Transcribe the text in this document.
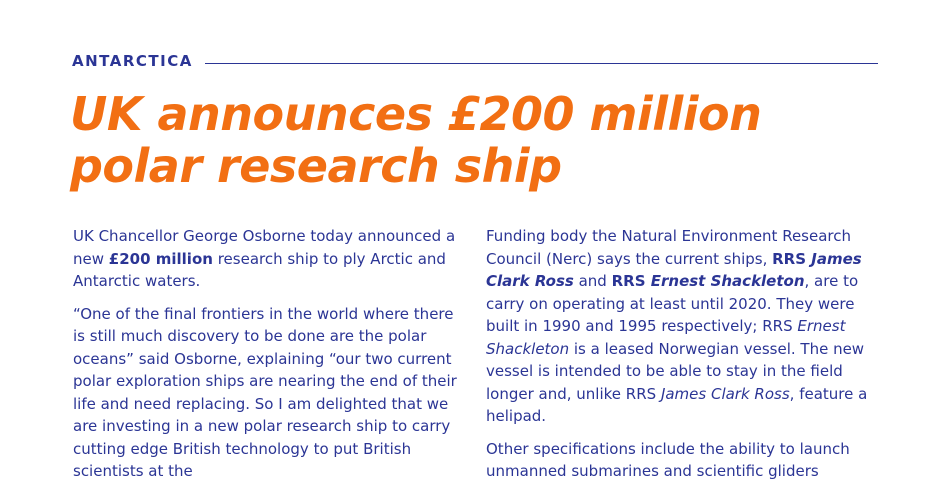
ANTARCTICA
UK announces £200 million
polar research ship

UK Chancellor George Osborne today announced a new £200 million research ship to ply Arctic and Antarctic waters.

“One of the final frontiers in the world where there is still much discovery to be done are the polar oceans” said Osborne, explaining “our two current polar exploration ships are nearing the end of their life and need replacing. So I am delighted that we are investing in a new polar research ship to carry cutting edge British technology to put British scientists at the

Funding body the Natural Environment Research Council (Nerc) says the current ships, RRS James Clark Ross and RRS Ernest Shackleton, are to carry on operating at least until 2020. They were built in 1990 and 1995 respectively; RRS Ernest Shackleton is a leased Norwegian vessel. The new vessel is intended to be able to stay in the field longer and, unlike RRS James Clark Ross, feature a helipad.

Other specifications include the ability to launch unmanned submarines and scientific gliders
